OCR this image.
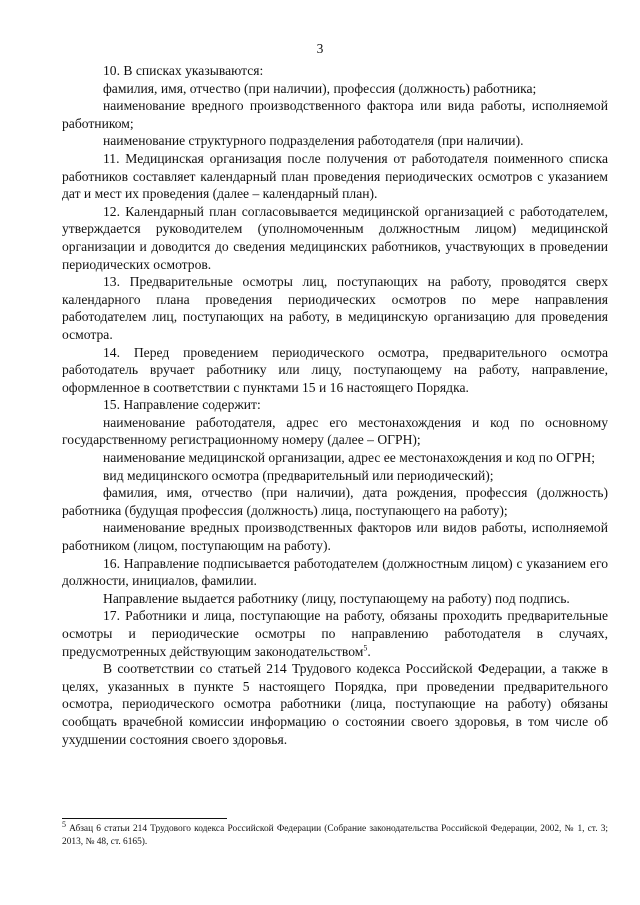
3

10. В списках указываются:

фамилия, имя, отчество (при наличии), профессия (должность) работника;

наименование вредного производственного фактора или вида работы, исполняемой работником;

наименование структурного подразделения работодателя (при наличии).

11. Медицинская организация после получения от работодателя поименного списка работников составляет календарный план проведения периодических осмотров с указанием дат и мест их проведения (далее – календарный план).

12. Календарный план согласовывается медицинской организацией с работодателем, утверждается руководителем (уполномоченным должностным лицом) медицинской организации и доводится до сведения медицинских работников, участвующих в проведении периодических осмотров.

13. Предварительные осмотры лиц, поступающих на работу, проводятся сверх календарного плана проведения периодических осмотров по мере направления работодателем лиц, поступающих на работу, в медицинскую организацию для проведения осмотра.

14. Перед проведением периодического осмотра, предварительного осмотра работодатель вручает работнику или лицу, поступающему на работу, направление, оформленное в соответствии с пунктами 15 и 16 настоящего Порядка.

15. Направление содержит:

наименование работодателя, адрес его местонахождения и код по основному государственному регистрационному номеру (далее – ОГРН);

наименование медицинской организации, адрес ее местонахождения и код по ОГРН;

вид медицинского осмотра (предварительный или периодический);

фамилия, имя, отчество (при наличии), дата рождения, профессия (должность) работника (будущая профессия (должность) лица, поступающего на работу);

наименование вредных производственных факторов или видов работы, исполняемой работником (лицом, поступающим на работу).

16. Направление подписывается работодателем (должностным лицом) с указанием его должности, инициалов, фамилии.

Направление выдается работнику (лицу, поступающему на работу) под подпись.

17. Работники и лица, поступающие на работу, обязаны проходить предварительные осмотры и периодические осмотры по направлению работодателя в случаях, предусмотренных действующим законодательством$^5$.

В соответствии со статьей 214 Трудового кодекса Российской Федерации, а также в целях, указанных в пункте 5 настоящего Порядка, при проведении предварительного осмотра, периодического осмотра работники (лица, поступающие на работу) обязаны сообщать врачебной комиссии информацию о состоянии своего здоровья, в том числе об ухудшении состояния своего здоровья.

$^5$ Абзац 6 статьи 214 Трудового кодекса Российской Федерации (Собрание законодательства Российской Федерации, 2002, № 1, ст. 3; 2013, № 48, ст. 6165).
